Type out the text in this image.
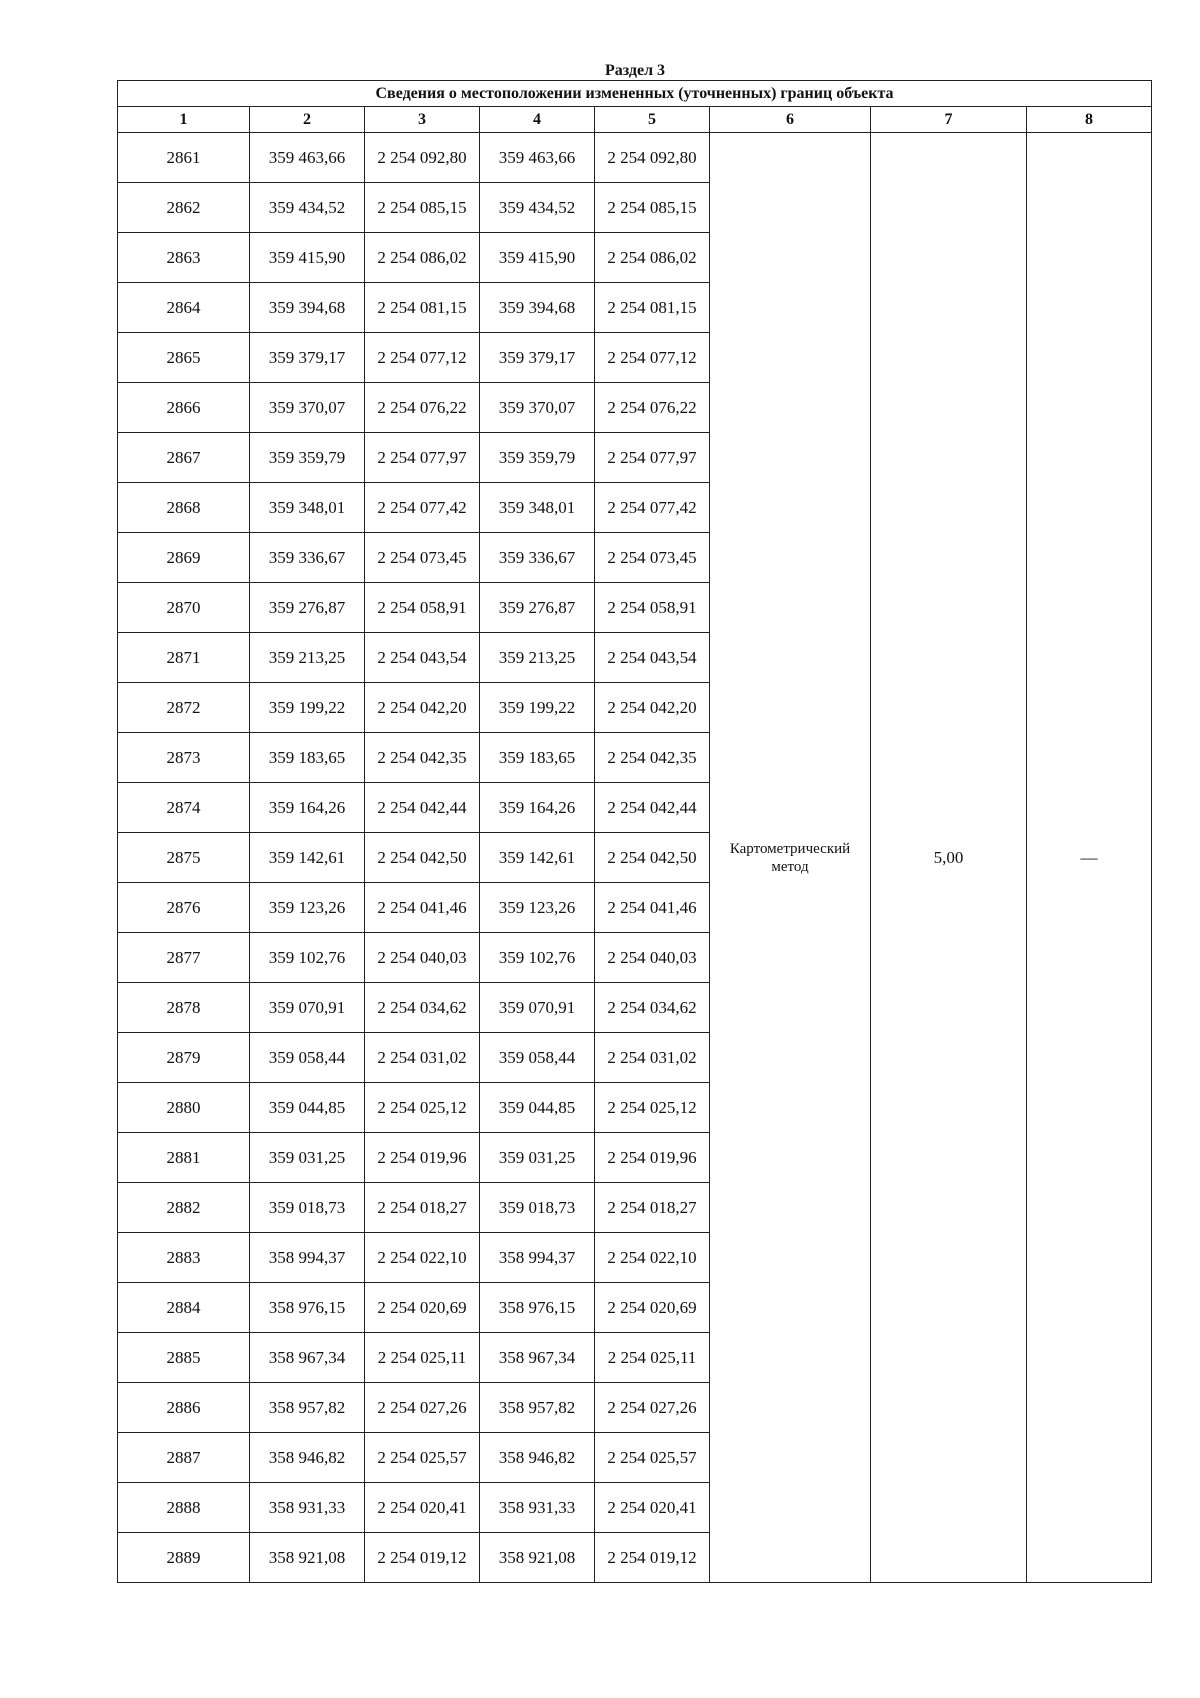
Раздел 3
Сведения о местоположении измененных (уточненных) границ объекта							
1	2	3	4	5	6	7	8
2861	359 463,66	2 254 092,80	359 463,66	2 254 092,80	Картометрический метод	5,00	—
2862	359 434,52	2 254 085,15	359 434,52	2 254 085,15			
2863	359 415,90	2 254 086,02	359 415,90	2 254 086,02			
2864	359 394,68	2 254 081,15	359 394,68	2 254 081,15			
2865	359 379,17	2 254 077,12	359 379,17	2 254 077,12			
2866	359 370,07	2 254 076,22	359 370,07	2 254 076,22			
2867	359 359,79	2 254 077,97	359 359,79	2 254 077,97			
2868	359 348,01	2 254 077,42	359 348,01	2 254 077,42			
2869	359 336,67	2 254 073,45	359 336,67	2 254 073,45			
2870	359 276,87	2 254 058,91	359 276,87	2 254 058,91			
2871	359 213,25	2 254 043,54	359 213,25	2 254 043,54			
2872	359 199,22	2 254 042,20	359 199,22	2 254 042,20			
2873	359 183,65	2 254 042,35	359 183,65	2 254 042,35			
2874	359 164,26	2 254 042,44	359 164,26	2 254 042,44			
2875	359 142,61	2 254 042,50	359 142,61	2 254 042,50			
2876	359 123,26	2 254 041,46	359 123,26	2 254 041,46			
2877	359 102,76	2 254 040,03	359 102,76	2 254 040,03			
2878	359 070,91	2 254 034,62	359 070,91	2 254 034,62			
2879	359 058,44	2 254 031,02	359 058,44	2 254 031,02			
2880	359 044,85	2 254 025,12	359 044,85	2 254 025,12			
2881	359 031,25	2 254 019,96	359 031,25	2 254 019,96			
2882	359 018,73	2 254 018,27	359 018,73	2 254 018,27			
2883	358 994,37	2 254 022,10	358 994,37	2 254 022,10			
2884	358 976,15	2 254 020,69	358 976,15	2 254 020,69			
2885	358 967,34	2 254 025,11	358 967,34	2 254 025,11			
2886	358 957,82	2 254 027,26	358 957,82	2 254 027,26			
2887	358 946,82	2 254 025,57	358 946,82	2 254 025,57			
2888	358 931,33	2 254 020,41	358 931,33	2 254 020,41			
2889	358 921,08	2 254 019,12	358 921,08	2 254 019,12			
